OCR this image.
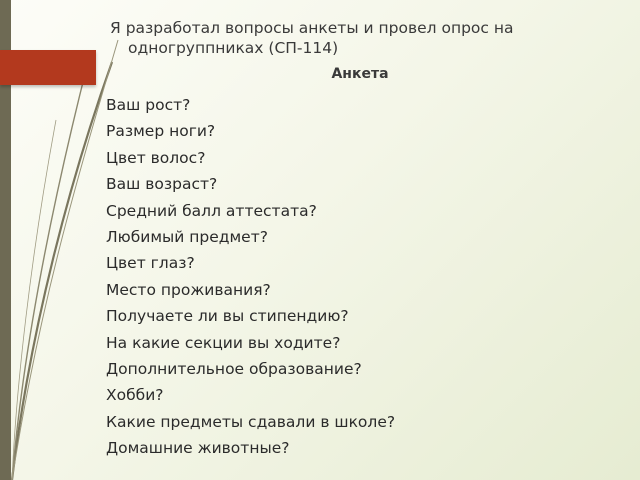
Я разработал вопросы анкеты и провел опрос на одногруппниках (СП-114)
Анкета
Ваш рост?
Размер ноги?
Цвет волос?
Ваш возраст?
Средний балл аттестата?
Любимый предмет?
Цвет глаз?
Место проживания?
Получаете ли вы стипендию?
На какие секции вы ходите?
Дополнительное образование?
Хобби?
Какие предметы сдавали в школе?
Домашние животные?
